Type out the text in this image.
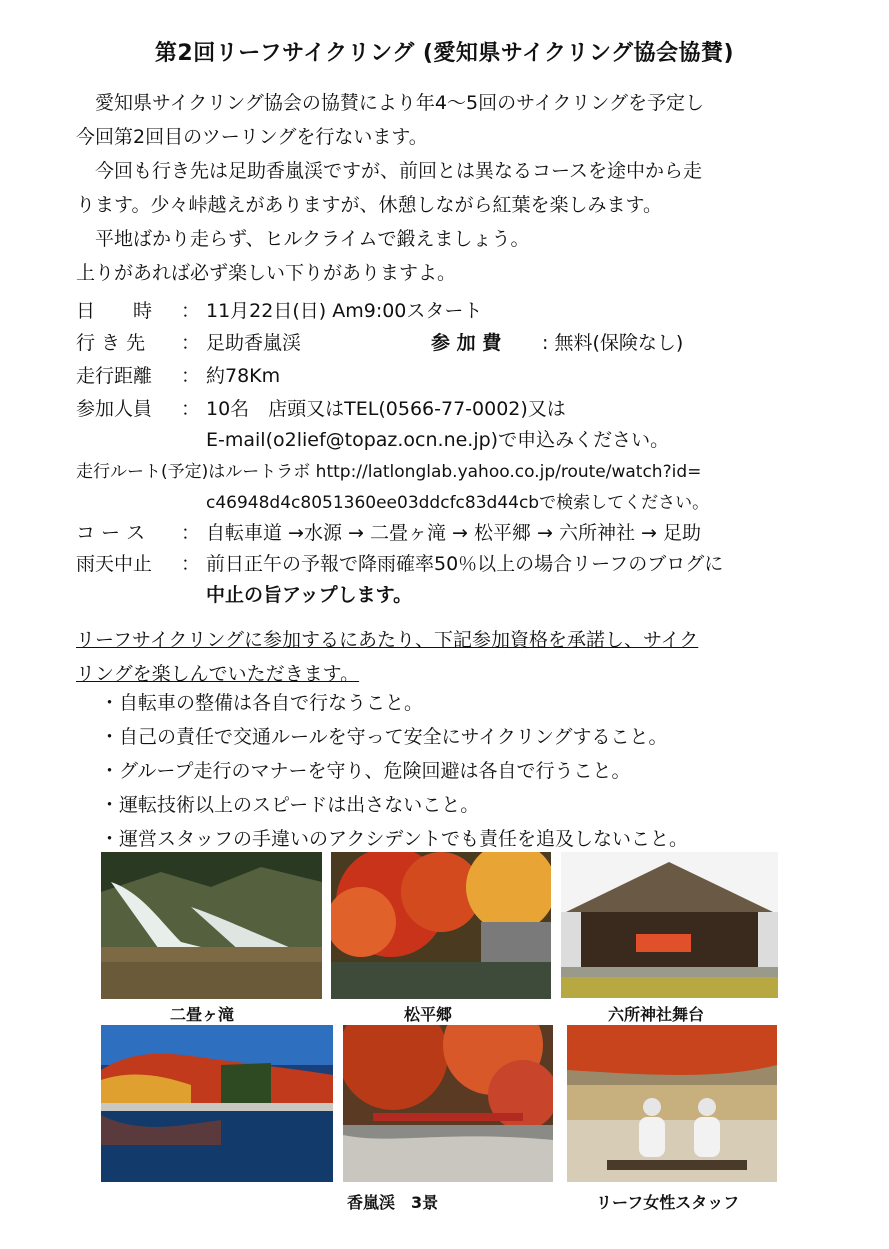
第2回リーフサイクリング (愛知県サイクリング協会協賛)

愛知県サイクリング協会の協賛により年4〜5回のサイクリングを予定し

今回第2回目のツーリングを行ないます。

今回も行き先は足助香嵐渓ですが、前回とは異なるコースを途中から走

ります。少々峠越えがありますが、休憩しながら紅葉を楽しみます。

平地ばかり走らず、ヒルクライムで鍛えましょう。

上りがあれば必ず楽しい下りがありますよ。

日　　時 ： 11月22日(日) Am9:00スタート
行 き 先 ： 足助香嵐渓	参 加 費 : 無料(保険なし)
走行距離 ： 約78Km
参加人員 ： 10名　店頭又はTEL(0566-77-0002)又は
E-mail(o2lief@topaz.ocn.ne.jp)で申込みください。
走行ルート(予定)はルートラボ http://latlonglab.yahoo.co.jp/route/watch?id=
c46948d4c8051360ee03ddcfc83d44cbで検索してください。
コ ー ス ： 自転車道 →水源 → 二畳ヶ滝 → 松平郷 → 六所神社 → 足助
雨天中止 ： 前日正午の予報で降雨確率50％以上の場合リーフのブログに
中止の旨アップします。

リーフサイクリングに参加するにあたり、下記参加資格を承諾し、サイク

リングを楽しんでいただきます。

・自転車の整備は各自で行なうこと。
・自己の責任で交通ルールを守って安全にサイクリングすること。
・グループ走行のマナーを守り、危険回避は各自で行うこと。
・運転技術以上のスピードは出さないこと。
・運営スタッフの手違いのアクシデントでも責任を追及しないこと。
二畳ヶ滝	松平郷	六所神社舞台
香嵐渓　3景	リーフ女性スタッフ
